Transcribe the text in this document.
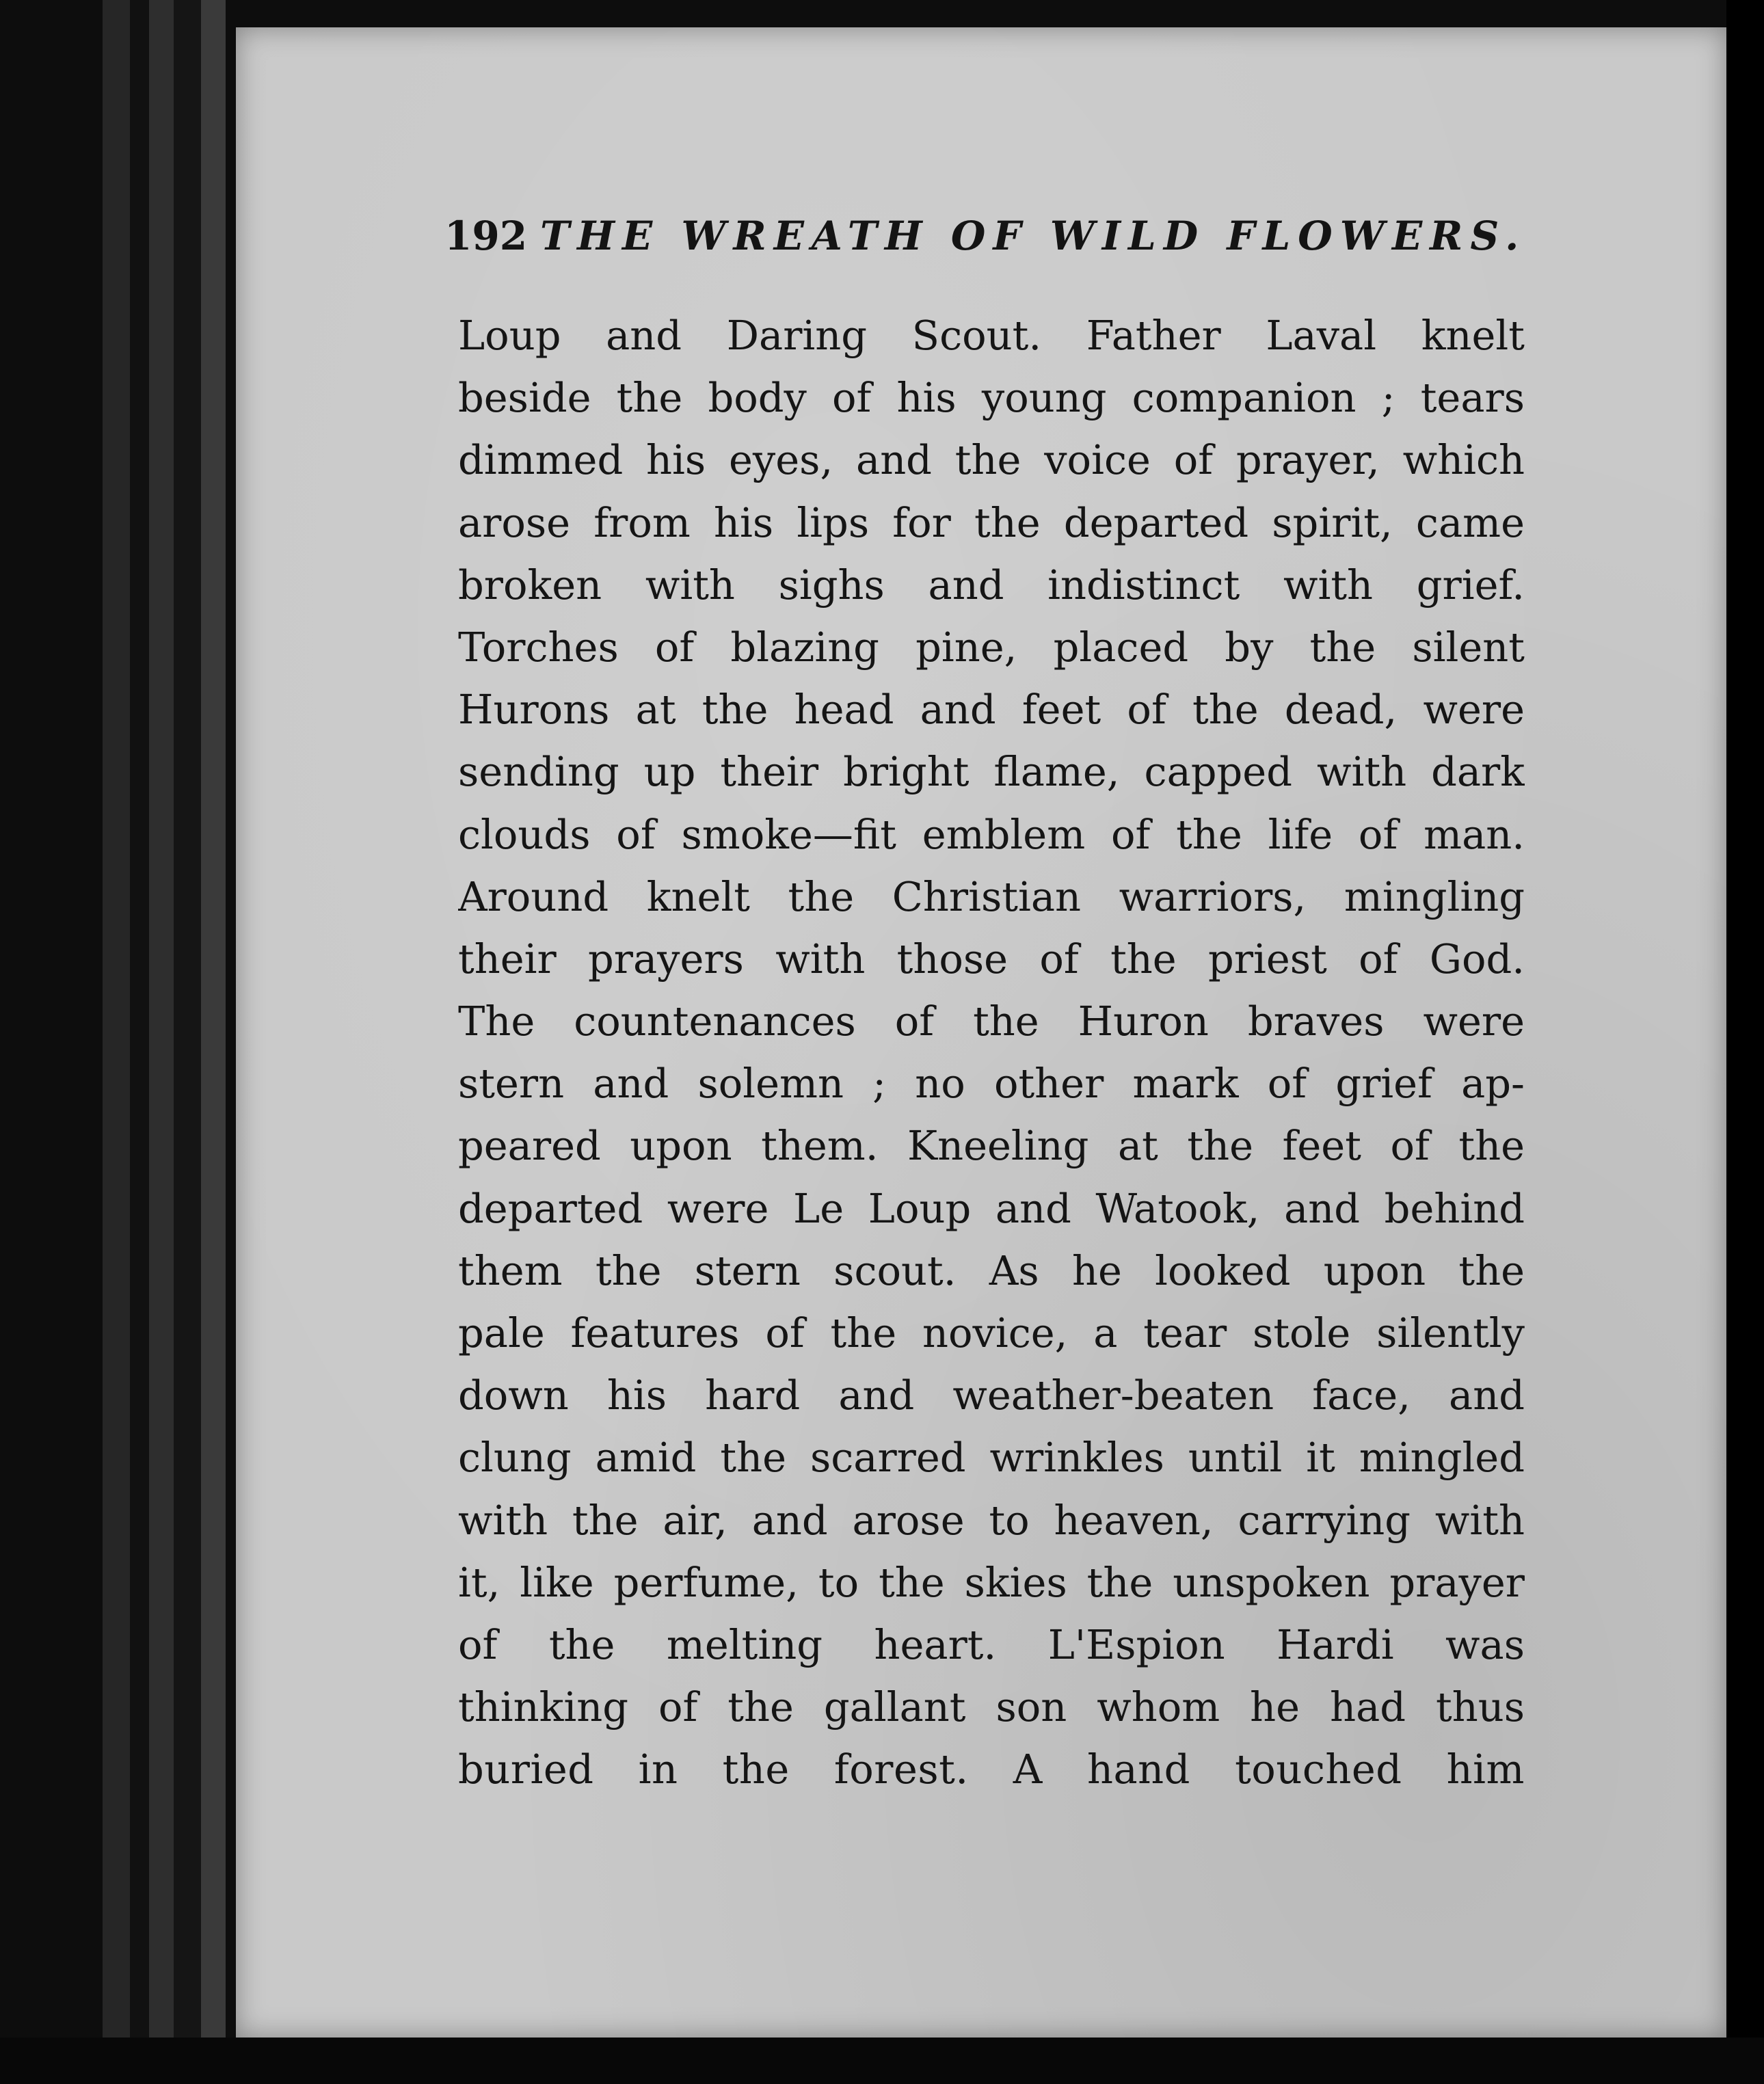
192 THE WREATH OF WILD FLOWERS.
Loup and Daring Scout. Father Laval knelt
beside the body of his young companion ; tears
dimmed his eyes, and the voice of prayer, which
arose from his lips for the departed spirit, came
broken with sighs and indistinct with grief.
Torches of blazing pine, placed by the silent
Hurons at the head and feet of the dead, were
sending up their bright flame, capped with dark
clouds of smoke—fit emblem of the life of man.
Around knelt the Christian warriors, mingling
their prayers with those of the priest of God.
The countenances of the Huron braves were
stern and solemn ; no other mark of grief ap-
peared upon them. Kneeling at the feet of the
departed were Le Loup and Watook, and behind
them the stern scout. As he looked upon the
pale features of the novice, a tear stole silently
down his hard and weather-beaten face, and
clung amid the scarred wrinkles until it mingled
with the air, and arose to heaven, carrying with
it, like perfume, to the skies the unspoken prayer
of the melting heart. L'Espion Hardi was
thinking of the gallant son whom he had thus
buried in the forest. A hand touched him
